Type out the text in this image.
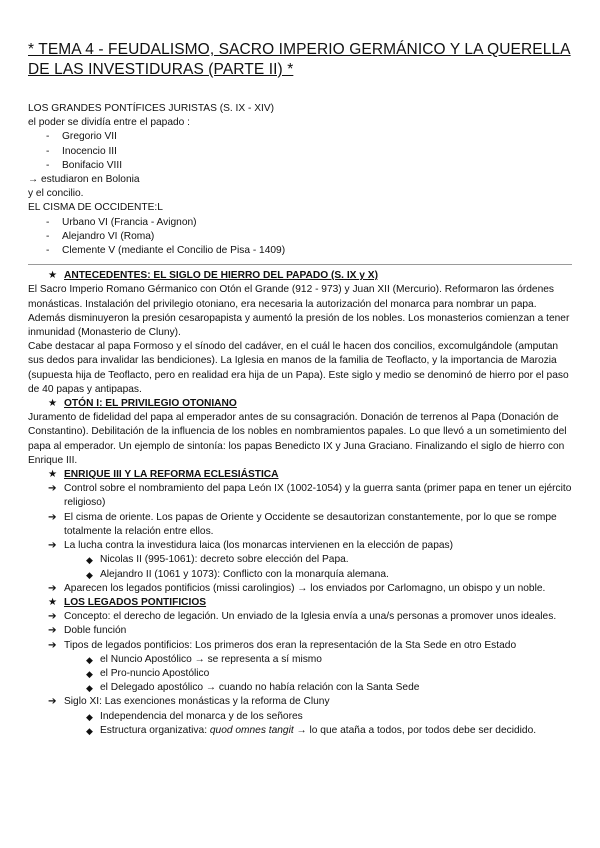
* TEMA 4 - FEUDALISMO, SACRO IMPERIO GERMÁNICO Y LA QUERELLA DE LAS INVESTIDURAS (PARTE II) *

LOS GRANDES PONTÍFICES JURISTAS (S. IX - XIV)

el poder se dividía entre el papado :

- Gregorio VII
- Inocencio III
- Bonifacio VIII

→ estudiaron en Bolonia

y el concilio.

EL CISMA DE OCCIDENTE:L

- Urbano VI (Francia - Avignon)
- Alejandro VI (Roma)
- Clemente V (mediante el Concilio de Pisa - 1409)
★ ANTECEDENTES: EL SIGLO DE HIERRO DEL PAPADO (S. IX y X)

El Sacro Imperio Romano Gérmanico con Otón el Grande (912 - 973) y Juan XII (Mercurio). Reformaron las órdenes monásticas. Instalación del privilegio otoniano, era necesaria la autorización del monarca para nombrar un papa. Además disminuyeron la presión cesaropapista y aumentó la presión de los nobles. Los monasterios comienzan a tener inmunidad (Monasterio de Cluny).

Cabe destacar al papa Formoso y el sínodo del cadáver, en el cuál le hacen dos concilios, excomulgándole (amputan sus dedos para invalidar las bendiciones). La Iglesia en manos de la familia de Teoflacto, y la importancia de Marozia (supuesta hija de Teoflacto, pero en realidad era hija de un Papa). Este siglo y medio se denominó de hierro por el paso de 40 papas y antipapas.

★ OTÓN I: EL PRIVILEGIO OTONIANO

Juramento de fidelidad del papa al emperador antes de su consagración. Donación de terrenos al Papa (Donación de Constantino). Debilitación de la influencia de los nobles en nombramientos papales. Lo que llevó a un sometimiento del papa al emperador. Un ejemplo de sintonía: los papas Benedicto IX y Juna Graciano. Finalizando el siglo de hierro con Enrique III.

★ ENRIQUE III Y LA REFORMA ECLESIÁSTICA
➔ Control sobre el nombramiento del papa León IX (1002-1054) y la guerra santa (primer papa en tener un ejército religioso)
➔ El cisma de oriente. Los papas de Oriente y Occidente se desautorizan constantemente, por lo que se rompe totalmente la relación entre ellos.
➔ La lucha contra la investidura laica (los monarcas intervienen en la elección de papas)
◆ Nicolas II (995-1061): decreto sobre elección del Papa.
◆ Alejandro II (1061 y 1073): Conflicto con la monarquía alemana.
➔ Aparecen los legados pontificios (missi carolingios) → los enviados por Carlomagno, un obispo y un noble.
★ LOS LEGADOS PONTIFICIOS
➔ Concepto: el derecho de legación. Un enviado de la Iglesia envía a una/s personas a promover unos ideales.
➔ Doble función
➔ Tipos de legados pontificios: Los primeros dos eran la representación de la Sta Sede en otro Estado
◆ el Nuncio Apostólico → se representa a sí mismo
◆ el Pro-nuncio Apostólico
◆ el Delegado apostólico → cuando no había relación con la Santa Sede
➔ Siglo XI: Las exenciones monásticas y la reforma de Cluny
◆ Independencia del monarca y de los señores
◆ Estructura organizativa: quod omnes tangit → lo que ataña a todos, por todos debe ser decidido.
